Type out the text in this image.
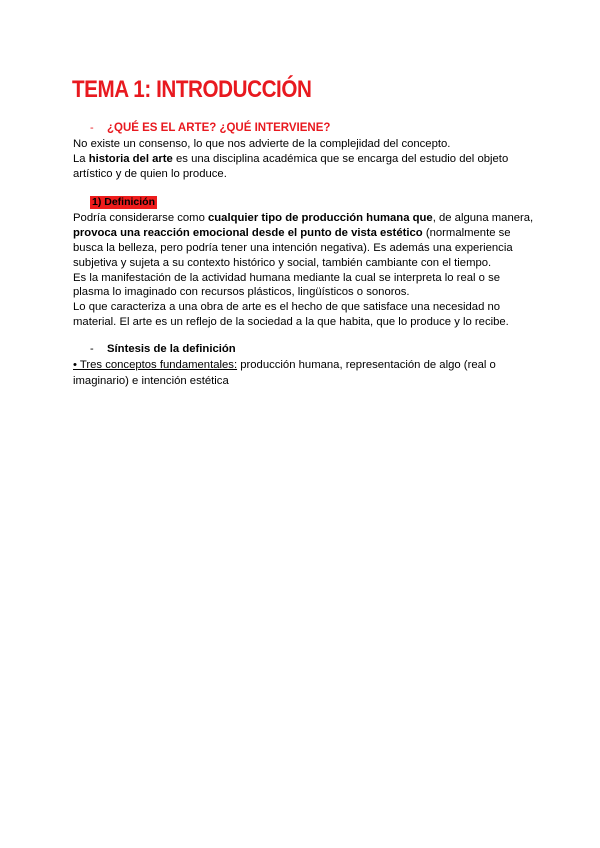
TEMA 1: INTRODUCCIÓN
- ¿QUÉ ES EL ARTE? ¿QUÉ INTERVIENE?
No existe un consenso, lo que nos advierte de la complejidad del concepto.
La historia del arte es una disciplina académica que se encarga del estudio del objeto
artístico y de quien lo produce.
1) Definición
Podría considerarse como cualquier tipo de producción humana que, de alguna manera,
provoca una reacción emocional desde el punto de vista estético (normalmente se
busca la belleza, pero podría tener una intención negativa). Es además una experiencia
subjetiva y sujeta a su contexto histórico y social, también cambiante con el tiempo.
Es la manifestación de la actividad humana mediante la cual se interpreta lo real o se
plasma lo imaginado con recursos plásticos, lingüísticos o sonoros.
Lo que caracteriza a una obra de arte es el hecho de que satisface una necesidad no
material. El arte es un reflejo de la sociedad a la que habita, que lo produce y lo recibe.
- Síntesis de la definición
• Tres conceptos fundamentales: producción humana, representación de algo (real o
imaginario) e intención estética
